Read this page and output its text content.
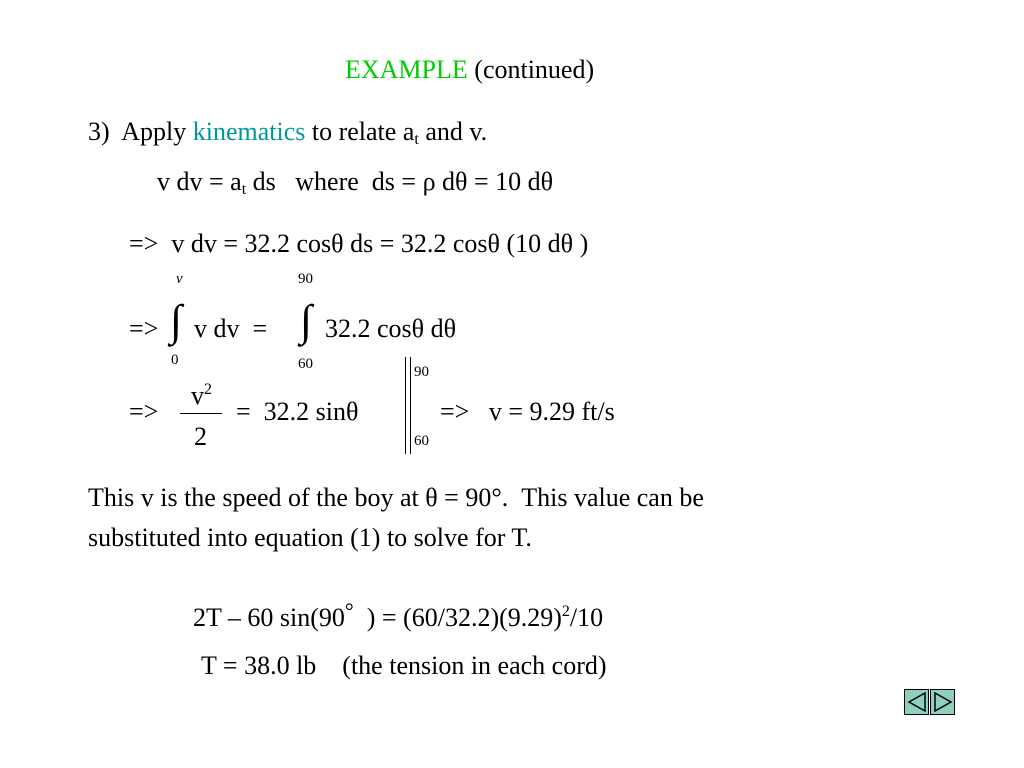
EXAMPLE (continued)
3)  Apply kinematics to relate $a_t$ and v.
v dv = $a_t$ ds   where  ds = ρ dθ = 10 dθ
=>  v dv = 32.2 cosθ ds = 32.2 cosθ (10 dθ )
=>
v
∫
0
v dv  =
90
∫
60
32.2 cosθ dθ
=>
$v^2$
2
=  32.2 sinθ
90
60
=>   v = 9.29 ft/s
This v is the speed of the boy at θ = 90°.  This value can be
substituted into equation (1) to solve for T.
2T – 60 sin(90°  ) = $(60/32.2)(9.29)^2/10$
T = 38.0 lb    (the tension in each cord)
